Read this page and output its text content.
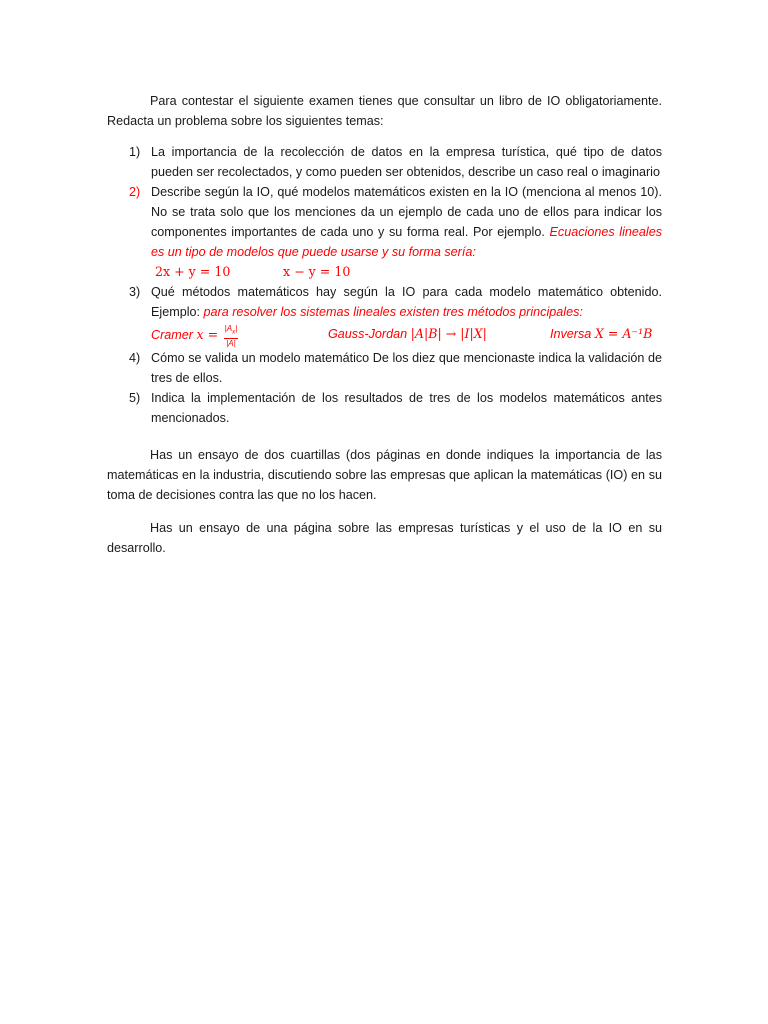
Para contestar el siguiente examen tienes que consultar un libro de IO obligatoriamente. Redacta un problema sobre los siguientes temas:

1) La importancia de la recolección de datos en la empresa turística, qué tipo de datos pueden ser recolectados, y como pueden ser obtenidos, describe un caso real o imaginario
2) Describe según la IO, qué modelos matemáticos existen en la IO (menciona al menos 10). No se trata solo que los menciones da un ejemplo de cada uno de ellos para indicar los componentes importantes de cada uno y su forma real. Por ejemplo. Ecuaciones lineales es un tipo de modelos que puede usarse y su forma sería:
2x + y = 10	x − y = 10
3) Qué métodos matemáticos hay según la IO para cada modelo matemático obtenido. Ejemplo: para resolver los sistemas lineales existen tres métodos principales:
Cramer $x = \frac{|A_x|}{|A|}$	Gauss-Jordan |A|B| → |I|X|	Inversa X = A⁻¹B
4) Cómo se valida un modelo matemático De los diez que mencionaste indica la validación de tres de ellos.
5) Indica la implementación de los resultados de tres de los modelos matemáticos antes mencionados.

Has un ensayo de dos cuartillas (dos páginas en donde indiques la importancia de las matemáticas en la industria, discutiendo sobre las empresas que aplican la matemáticas (IO) en su toma de decisiones contra las que no los hacen.

Has un ensayo de una página sobre las empresas turísticas y el uso de la IO en su desarrollo.
